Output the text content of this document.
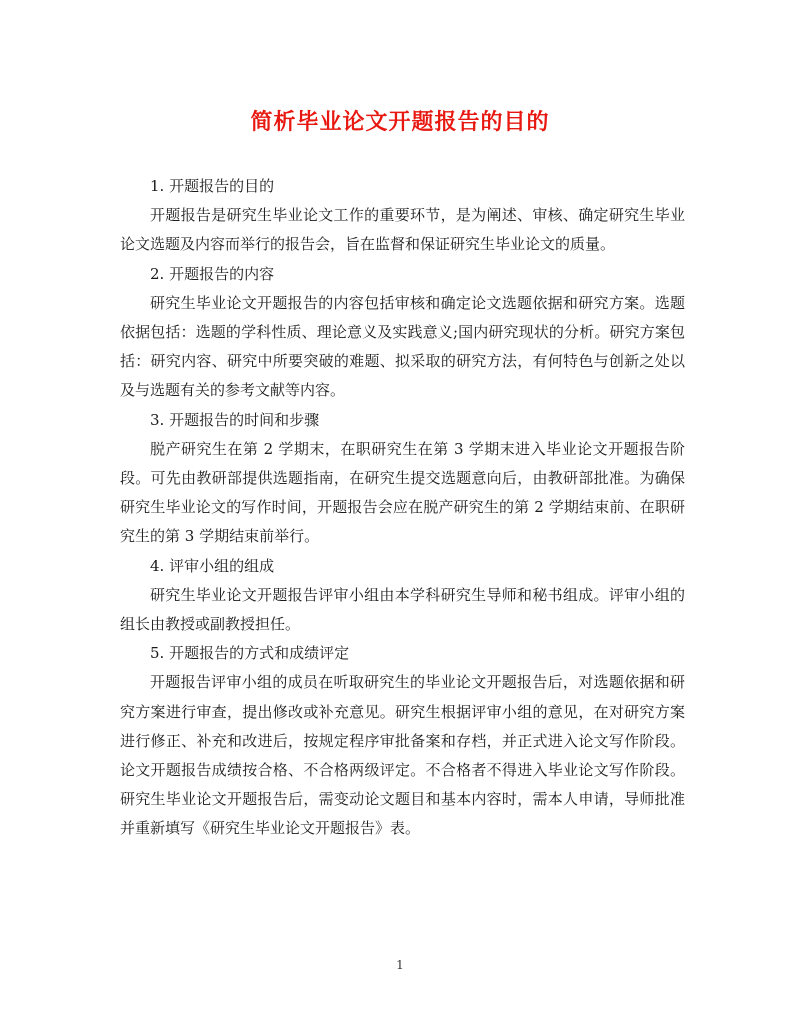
简析毕业论文开题报告的目的

1. 开题报告的目的

开题报告是研究生毕业论文工作的重要环节，是为阐述、审核、确定研究生毕业论文选题及内容而举行的报告会，旨在监督和保证研究生毕业论文的质量。

2. 开题报告的内容

研究生毕业论文开题报告的内容包括审核和确定论文选题依据和研究方案。选题依据包括：选题的学科性质、理论意义及实践意义;国内研究现状的分析。研究方案包括：研究内容、研究中所要突破的难题、拟采取的研究方法，有何特色与创新之处以及与选题有关的参考文献等内容。

3. 开题报告的时间和步骤

脱产研究生在第 2 学期末，在职研究生在第 3 学期末进入毕业论文开题报告阶段。可先由教研部提供选题指南，在研究生提交选题意向后，由教研部批准。为确保研究生毕业论文的写作时间，开题报告会应在脱产研究生的第 2 学期结束前、在职研究生的第 3 学期结束前举行。

4. 评审小组的组成

研究生毕业论文开题报告评审小组由本学科研究生导师和秘书组成。评审小组的组长由教授或副教授担任。

5. 开题报告的方式和成绩评定

开题报告评审小组的成员在听取研究生的毕业论文开题报告后，对选题依据和研究方案进行审查，提出修改或补充意见。研究生根据评审小组的意见，在对研究方案进行修正、补充和改进后，按规定程序审批备案和存档，并正式进入论文写作阶段。论文开题报告成绩按合格、不合格两级评定。不合格者不得进入毕业论文写作阶段。研究生毕业论文开题报告后，需变动论文题目和基本内容时，需本人申请，导师批准并重新填写《研究生毕业论文开题报告》表。

1
